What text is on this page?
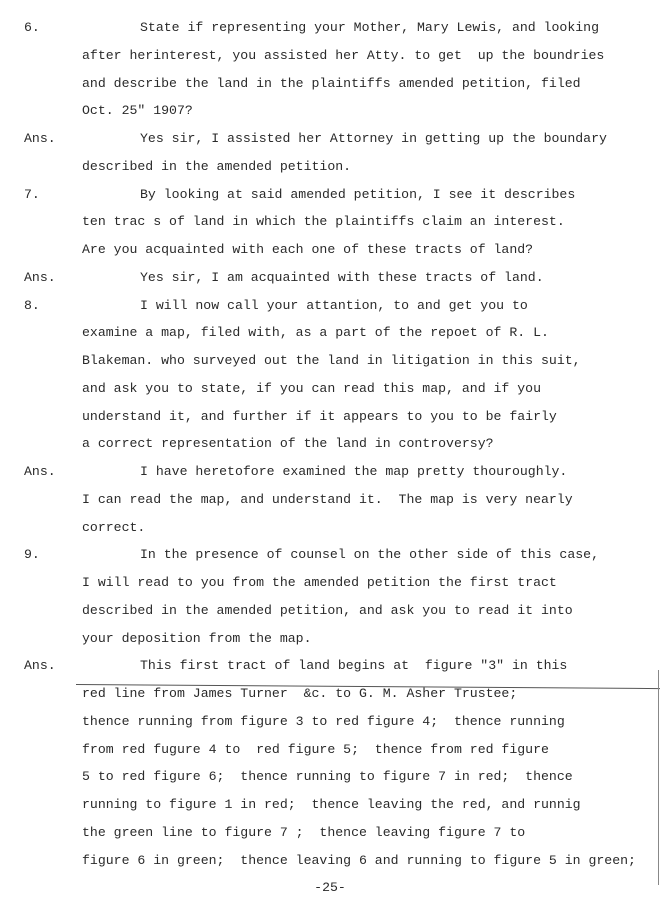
6.	State if representing your Mother, Mary Lewis, and looking
after herinterest, you assisted her Atty. to get  up the boundries
and describe the land in the plaintiffs amended petition, filed
Oct. 25" 1907?
Ans.	Yes sir, I assisted her Attorney in getting up the boundary
described in the amended petition.
7.	By looking at said amended petition, I see it describes
ten trac s of land in which the plaintiffs claim an interest.
Are you acquainted with each one of these tracts of land?
Ans.	Yes sir, I am acquainted with these tracts of land.
8.	I will now call your attantion, to and get you to
examine a map, filed with, as a part of the repoet of R. L.
Blakeman. who surveyed out the land in litigation in this suit,
and ask you to state, if you can read this map, and if you
understand it, and further if it appears to you to be fairly
a correct representation of the land in controversy?
Ans.	I have heretofore examined the map pretty thouroughly.
I can read the map, and understand it.  The map is very nearly
correct.
9.	In the presence of counsel on the other side of this case,
I will read to you from the amended petition the first tract
described in the amended petition, and ask you to read it into
your deposition from the map.
Ans.	This first tract of land begins at  figure "3" in this
red line from James Turner  &c. to G. M. Asher Trustee;
thence running from figure 3 to red figure 4;  thence running
from red fugure 4 to  red figure 5;  thence from red figure
5 to red figure 6;  thence running to figure 7 in red;  thence
running to figure 1 in red;  thence leaving the red, and runnig
the green line to figure 7 ;  thence leaving figure 7 to
figure 6 in green;  thence leaving 6 and running to figure 5 in green;
-25-
